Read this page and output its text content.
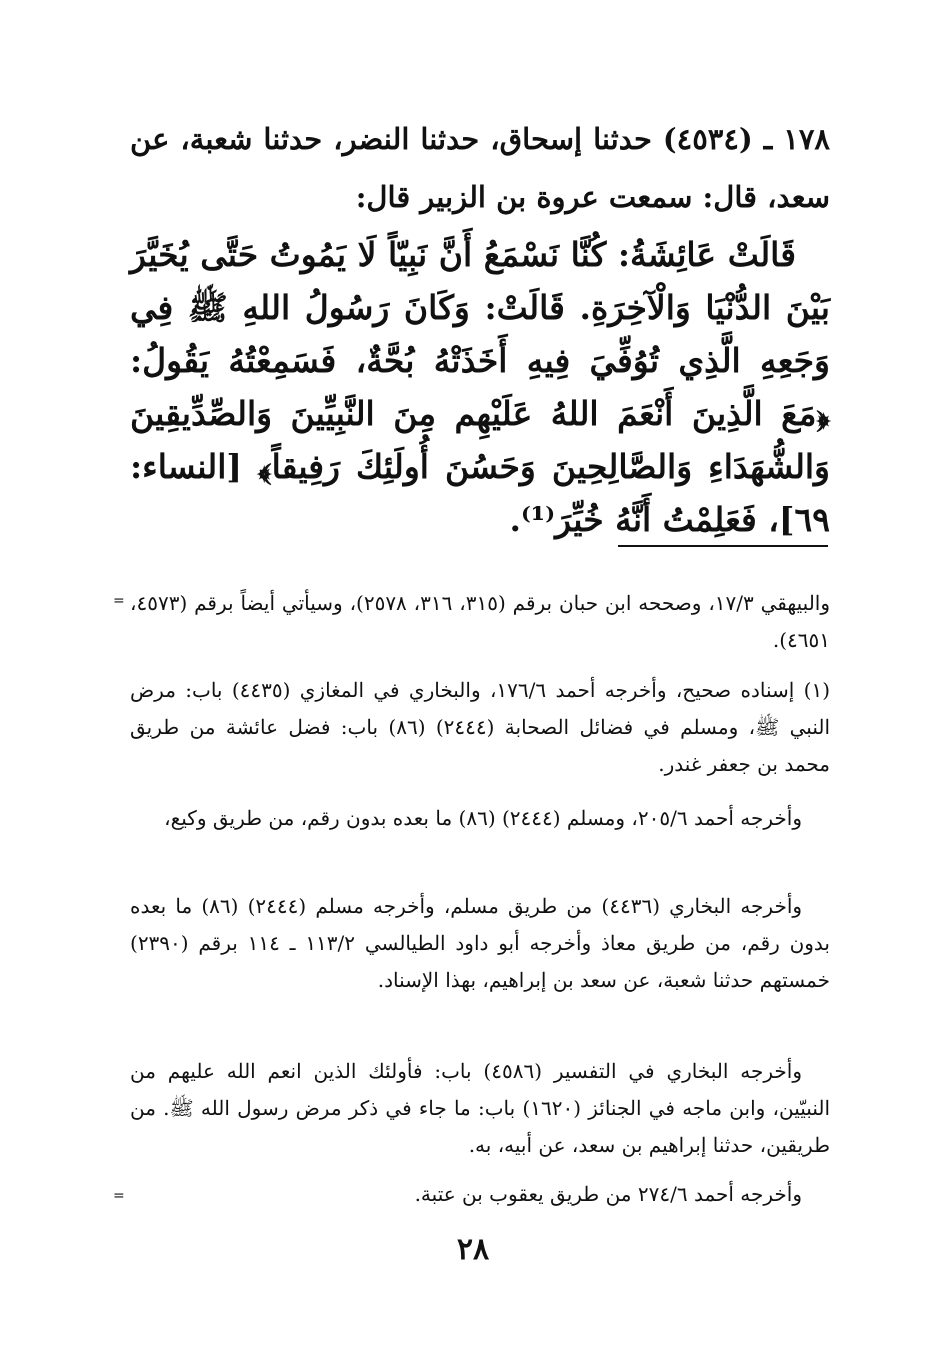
١٧٨ ـ (٤٥٣٤) حدثنا إسحاق، حدثنا النضر، حدثنا شعبة، عن سعد، قال: سمعت عروة بن الزبير قال:
قَالَتْ عَائِشَةُ: كُنَّا نَسْمَعُ أَنَّ نَبِيّاً لَا يَمُوتُ حَتَّى يُخَيَّرَ بَيْنَ الدُّنْيَا وَالْآخِرَةِ. قَالَتْ: وَكَانَ رَسُولُ اللهِ ﷺ فِي وَجَعِهِ الَّذِي تُوُفِّيَ فِيهِ أَخَذَتْهُ بُحَّةٌ، فَسَمِعْتُهُ يَقُولُ: ﴿مَعَ الَّذِينَ أَنْعَمَ اللهُ عَلَيْهِم مِنَ النَّبِيِّينَ وَالصِّدِّيقِينَ وَالشُّهَدَاءِ وَالصَّالِحِينَ وَحَسُنَ أُولَئِكَ رَفِيقاً﴾ [النساء: ٦٩]، فَعَلِمْتُ أَنَّهُ خُيِّرَ⁽¹⁾.
= والبيهقي ١٧/٣، وصححه ابن حبان برقم (٣١٥، ٣١٦، ٢٥٧٨)، وسيأتي أيضاً برقم (٤٥٧٣، ٤٦٥١).
(١) إسناده صحيح، وأخرجه أحمد ١٧٦/٦، والبخاري في المغازي (٤٤٣٥) باب: مرض النبي ﷺ، ومسلم في فضائل الصحابة (٢٤٤٤) (٨٦) باب: فضل عائشة من طريق محمد بن جعفر غندر.
وأخرجه أحمد ٢٠٥/٦، ومسلم (٢٤٤٤) (٨٦) ما بعده بدون رقم، من طريق وكيع،
وأخرجه البخاري (٤٤٣٦) من طريق مسلم، وأخرجه مسلم (٢٤٤٤) (٨٦) ما بعده بدون رقم، من طريق معاذ وأخرجه أبو داود الطيالسي ١١٣/٢ ـ ١١٤ برقم (٢٣٩٠) خمستهم حدثنا شعبة، عن سعد بن إبراهيم، بهذا الإسناد.
وأخرجه البخاري في التفسير (٤٥٨٦) باب: فأولئك الذين انعم الله عليهم من النبيّين، وابن ماجه في الجنائز (١٦٢٠) باب: ما جاء في ذكر مرض رسول الله ﷺ. من طريقين، حدثنا إبراهيم بن سعد، عن أبيه، به.
وأخرجه أحمد ٢٧٤/٦ من طريق يعقوب بن عتبة.
=
٢٨
